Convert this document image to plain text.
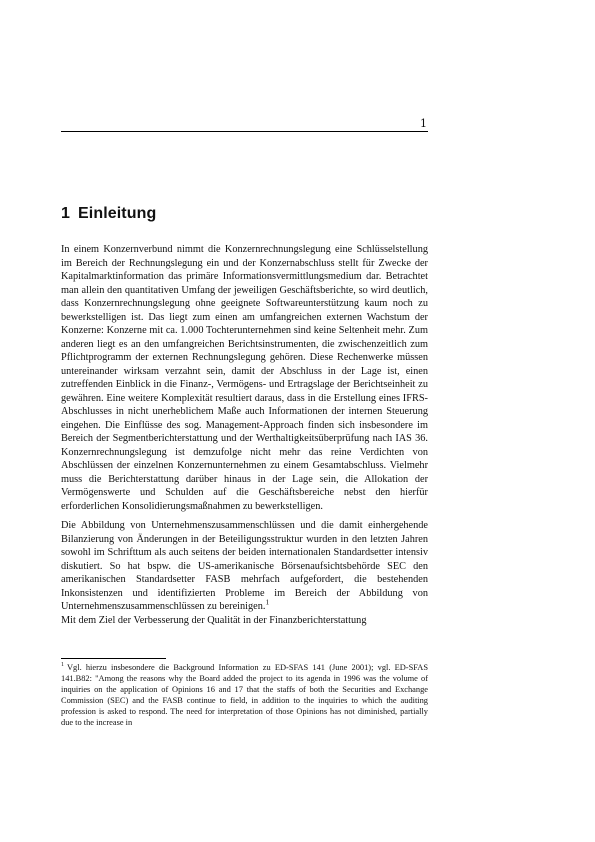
1
1 Einleitung

In einem Konzernverbund nimmt die Konzernrechnungslegung eine Schlüsselstellung im Bereich der Rechnungslegung ein und der Konzernabschluss stellt für Zwecke der Kapitalmarktinformation das primäre Informationsvermittlungsmedium dar. Betrachtet man allein den quantitativen Umfang der jeweiligen Geschäftsberichte, so wird deutlich, dass Konzernrechnungslegung ohne geeignete Softwareunterstützung kaum noch zu bewerkstelligen ist. Das liegt zum einen am umfangreichen externen Wachstum der Konzerne: Konzerne mit ca. 1.000 Tochterunternehmen sind keine Seltenheit mehr. Zum anderen liegt es an den umfangreichen Berichtsinstrumenten, die zwischenzeitlich zum Pflichtprogramm der externen Rechnungslegung gehören. Diese Rechenwerke müssen untereinander wirksam verzahnt sein, damit der Abschluss in der Lage ist, einen zutreffenden Einblick in die Finanz-, Vermögens- und Ertragslage der Berichtseinheit zu gewähren. Eine weitere Komplexität resultiert daraus, dass in die Erstellung eines IFRS-Abschlusses in nicht unerheblichem Maße auch Informationen der internen Steuerung eingehen. Die Einflüsse des sog. Management-Approach finden sich insbesondere im Bereich der Segmentberichterstattung und der Werthaltigkeitsüberprüfung nach IAS 36. Konzernrechnungslegung ist demzufolge nicht mehr das reine Verdichten von Abschlüssen der einzelnen Konzernunternehmen zu einem Gesamtabschluss. Vielmehr muss die Berichterstattung darüber hinaus in der Lage sein, die Allokation der Vermögenswerte und Schulden auf die Geschäftsbereiche nebst den hierfür erforderlichen Konsolidierungsmaßnahmen zu bewerkstelligen.

Die Abbildung von Unternehmenszusammenschlüssen und die damit einhergehende Bilanzierung von Änderungen in der Beteiligungsstruktur wurden in den letzten Jahren sowohl im Schrifttum als auch seitens der beiden internationalen Standardsetter intensiv diskutiert. So hat bspw. die US-amerikanische Börsenaufsichtsbehörde SEC den amerikanischen Standardsetter FASB mehrfach aufgefordert, die bestehenden Inkonsistenzen und identifizierten Probleme im Bereich der Abbildung von Unternehmenszusammenschlüssen zu bereinigen.$^1$
Mit dem Ziel der Verbesserung der Qualität in der Finanzberichterstattung

$^1$ Vgl. hierzu insbesondere die Background Information zu ED-SFAS 141 (June 2001); vgl. ED-SFAS 141.B82: "Among the reasons why the Board added the project to its agenda in 1996 was the volume of inquiries on the application of Opinions 16 and 17 that the staffs of both the Securities and Exchange Commission (SEC) and the FASB continue to field, in addition to the inquiries to which the auditing profession is asked to respond. The need for interpretation of those Opinions has not diminished, partially due to the increase in
